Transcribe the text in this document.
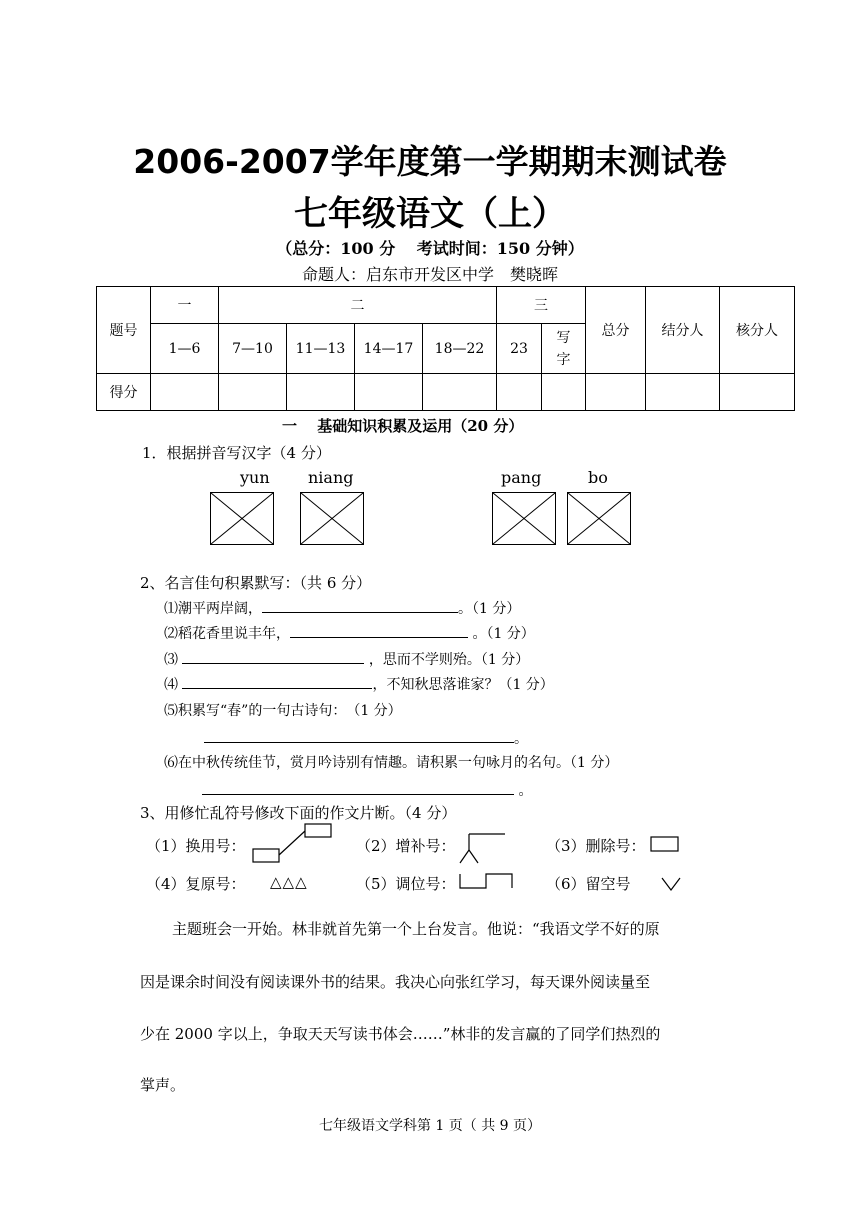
2006-2007学年度第一学期期末测试卷
七年级语文（上）
（总分：100 分　 考试时间：150 分钟）
命题人：启东市开发区中学　樊晓晖
题号	一	二				三		总分	结分人	核分人
	1—6	7—10	11—13	14—17	18—22	23	写字			
得分										
一　 基础知识积累及运用（20 分）
1．根据拼音写汉字（4 分）
yun niang	pang	bo
2、名言佳句积累默写：（共 6 分）
⑴潮平两岸阔，	。（1 分）
⑵稻花香里说丰年，	。（1 分）
⑶	，思而不学则殆。（1 分）
⑷	，不知秋思落谁家？（1 分）
⑸积累写“春”的一句古诗句：　（1 分）
。
⑹在中秋传统佳节，赏月吟诗别有情趣。请积累一句咏月的名句。（1 分）
。
3、用修忙乱符号修改下面的作文片断。（4 分）
（1）换用号：	（2）增补号：	（3）删除号：
（4）复原号： △△△	（5）调位号：	（6）留空号
主题班会一开始。林非就首先第一个上台发言。他说：“我语文学不好的原
因是课余时间没有阅读课外书的结果。我决心向张红学习，每天课外阅读量至
少在 2000 字以上，争取天天写读书体会……”林非的发言赢的了同学们热烈的
掌声。
七年级语文学科第 1 页（ 共 9 页）
